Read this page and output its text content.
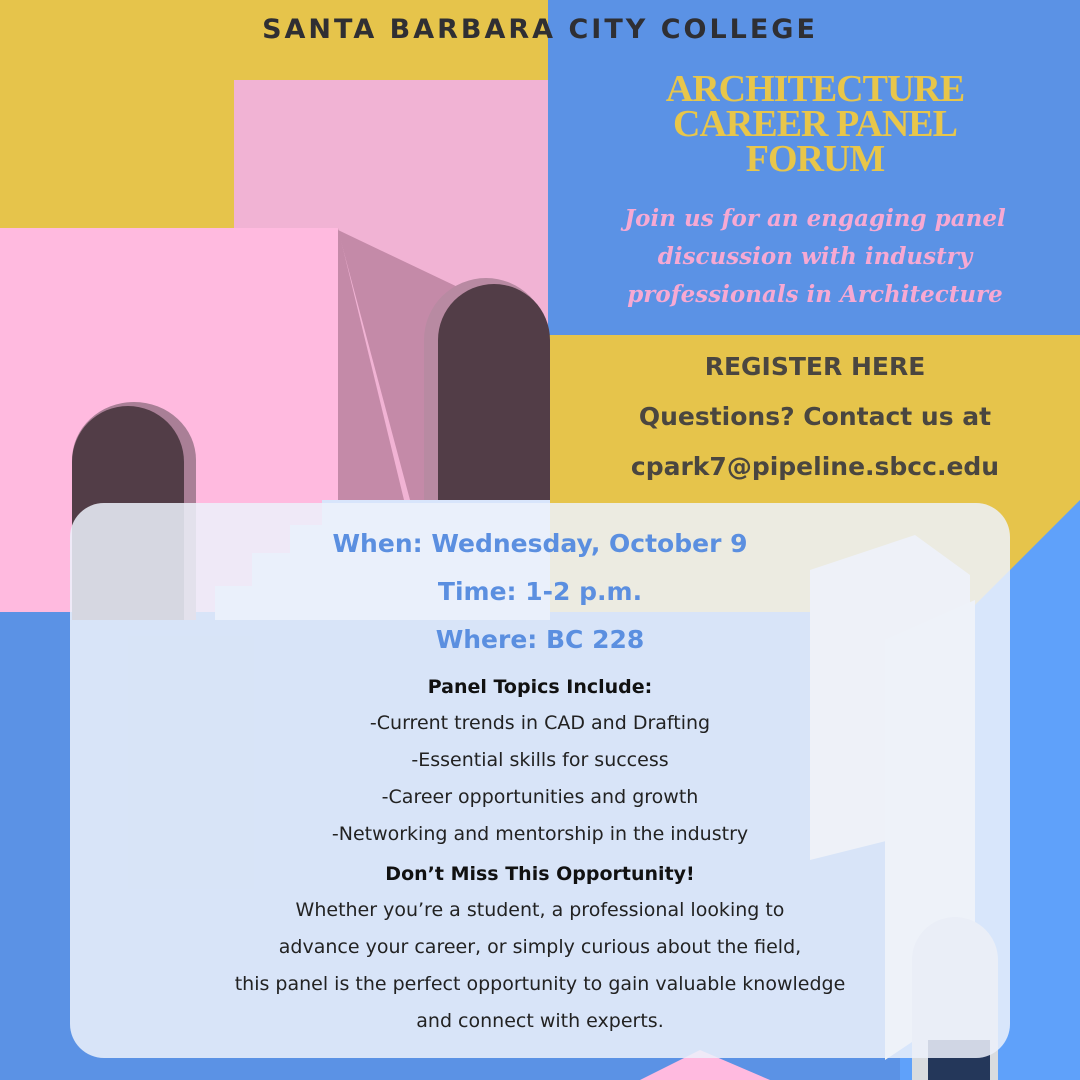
SANTA BARBARA CITY COLLEGE
ARCHITECTURE
CAREER PANEL
FORUM
Join us for an engaging panel
discussion with industry
professionals in Architecture
REGISTER HERE
Questions? Contact us at
cpark7@pipeline.sbcc.edu
When: Wednesday, October 9
Time: 1-2 p.m.
Where: BC 228
Panel Topics Include:
-Current trends in CAD and Drafting
-Essential skills for success
-Career opportunities and growth
-Networking and mentorship in the industry
Don’t Miss This Opportunity!
Whether you’re a student, a professional looking to
advance your career, or simply curious about the field,
this panel is the perfect opportunity to gain valuable knowledge
and connect with experts.
